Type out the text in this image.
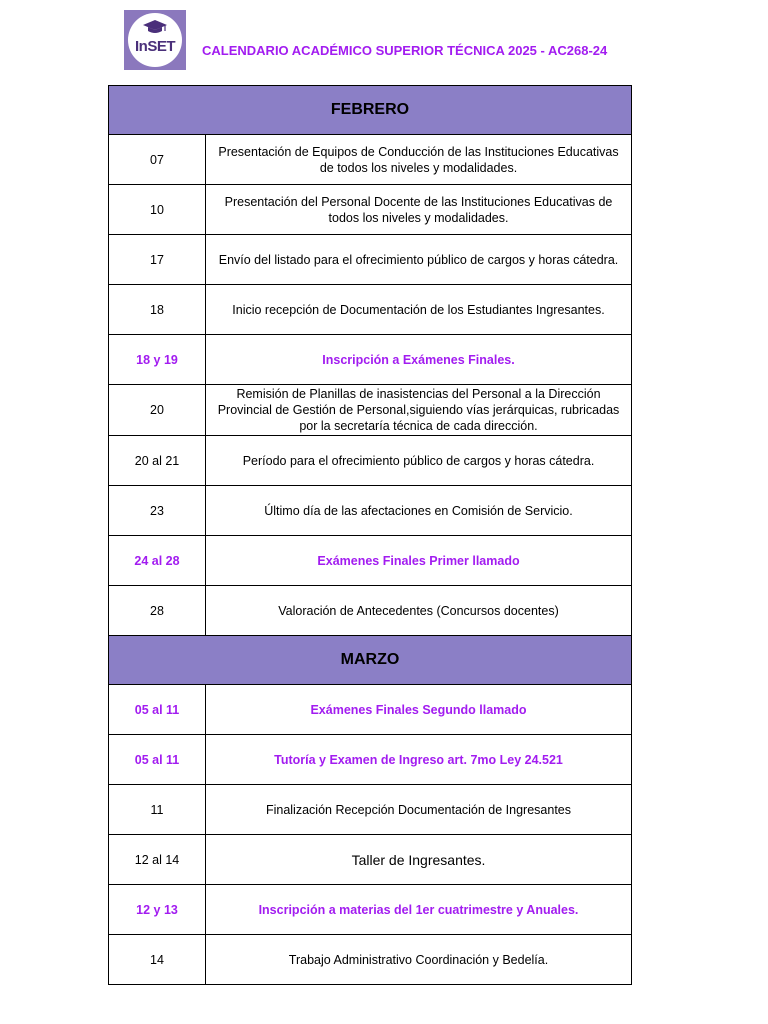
InSET CALENDARIO ACADÉMICO SUPERIOR TÉCNICA 2025 - AC268-24
FEBRERO	
07	Presentación de Equipos de Conducción de las Instituciones Educativas de todos los niveles y modalidades.
10	Presentación del Personal Docente de las Instituciones Educativas de todos los niveles y modalidades.
17	Envío del listado para el ofrecimiento público de cargos y horas cátedra.
18	Inicio recepción de Documentación de los Estudiantes Ingresantes.
18 y 19	Inscripción a Exámenes Finales.
20	Remisión de Planillas de inasistencias del Personal a la Dirección Provincial de Gestión de Personal,siguiendo vías jerárquicas, rubricadas por la secretaría técnica de cada dirección.
20 al 21	Período para el ofrecimiento público de cargos y horas cátedra.
23	Último día de las afectaciones en Comisión de Servicio.
24 al 28	Exámenes Finales Primer llamado
28	Valoración de Antecedentes (Concursos docentes)
MARZO	
05 al 11	Exámenes Finales Segundo llamado
05 al 11	Tutoría y Examen de Ingreso art. 7mo Ley 24.521
11	Finalización Recepción Documentación de Ingresantes
12 al 14	Taller de Ingresantes.
12 y 13	Inscripción a materias del 1er cuatrimestre y Anuales.
14	Trabajo Administrativo Coordinación y Bedelía.
